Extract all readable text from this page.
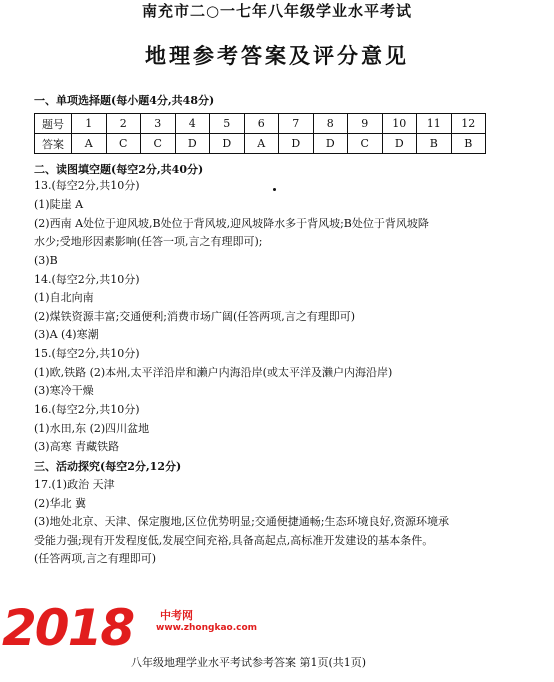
南充市二○一七年八年级学业水平考试
地理参考答案及评分意见
一、单项选择题(每小题4分,共48分)
题号	1	2	3	4	5	6	7	8	9	10	11	12
答案	A	C	C	D	D	A	D	D	C	D	B	B
二、读图填空题(每空2分,共40分)
13.(每空2分,共10分)
(1)陡崖 A
(2)西南 A处位于迎风坡,B处位于背风坡,迎风坡降水多于背风坡;B处位于背风坡降
水少;受地形因素影响(任答一项,言之有理即可);
(3)B
14.(每空2分,共10分)
(1)自北向南
(2)煤铁资源丰富;交通便利;消费市场广阔(任答两项,言之有理即可)
(3)A (4)寒潮
15.(每空2分,共10分)
(1)欧,铁路 (2)本州,太平洋沿岸和濑户内海沿岸(或太平洋及濑户内海沿岸)
(3)寒冷干燥
16.(每空2分,共10分)
(1)水田,东 (2)四川盆地
(3)高寒 青藏铁路
三、活动探究(每空2分,12分)
17.(1)政治 天津
(2)华北 冀
(3)地处北京、天津、保定腹地,区位优势明显;交通便捷通畅;生态环境良好,资源环境承
受能力强;现有开发程度低,发展空间充裕,具备高起点,高标准开发建设的基本条件。
(任答两项,言之有理即可)
2018 中考网
www.zhongkao.com
八年级地理学业水平考试参考答案 第1页(共1页)
